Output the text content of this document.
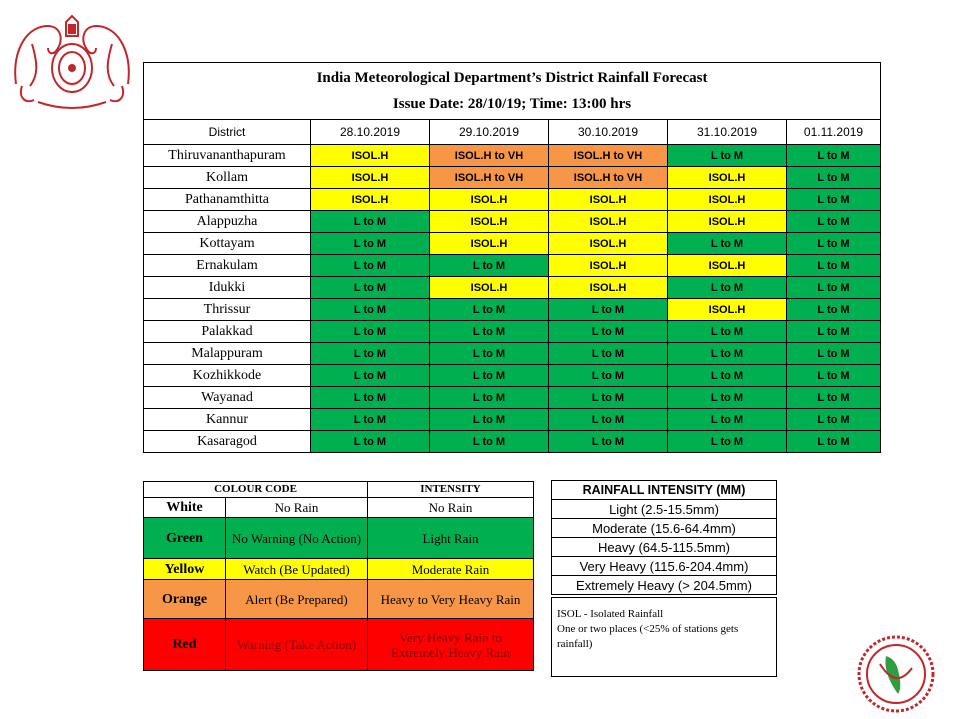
India Meteorological Department’s District Rainfall Forecast
Issue Date: 28/10/19; Time: 13:00 hrs					

District	28.10.2019	29.10.2019	30.10.2019	31.10.2019	01.11.2019
Thiruvananthapuram	ISOL.H	ISOL.H to VH	ISOL.H to VH	L to M	L to M
Kollam	ISOL.H	ISOL.H to VH	ISOL.H to VH	ISOL.H	L to M
Pathanamthitta	ISOL.H	ISOL.H	ISOL.H	ISOL.H	L to M
Alappuzha	L to M	ISOL.H	ISOL.H	ISOL.H	L to M
Kottayam	L to M	ISOL.H	ISOL.H	L to M	L to M
Ernakulam	L to M	L to M	ISOL.H	ISOL.H	L to M
Idukki	L to M	ISOL.H	ISOL.H	L to M	L to M
Thrissur	L to M	L to M	L to M	ISOL.H	L to M
Palakkad	L to M	L to M	L to M	L to M	L to M
Malappuram	L to M	L to M	L to M	L to M	L to M
Kozhikkode	L to M	L to M	L to M	L to M	L to M
Wayanad	L to M	L to M	L to M	L to M	L to M
Kannur	L to M	L to M	L to M	L to M	L to M
Kasaragod	L to M	L to M	L to M	L to M	L to M
COLOUR CODE		INTENSITY
White	No Rain	No Rain
Green	No Warning (No Action)	Light Rain
Yellow	Watch (Be Updated)	Moderate Rain
Orange	Alert (Be Prepared)	Heavy to Very Heavy Rain
Red	Warning (Take Action)	Very Heavy Rain to Extremely Heavy Rain
RAINFALL INTENSITY (MM)
Light (2.5-15.5mm)
Moderate (15.6-64.4mm)
Heavy (64.5-115.5mm)
Very Heavy (115.6-204.4mm)
Extremely Heavy (> 204.5mm)
ISOL - Isolated Rainfall
One or two places (<25% of stations gets rainfall)
